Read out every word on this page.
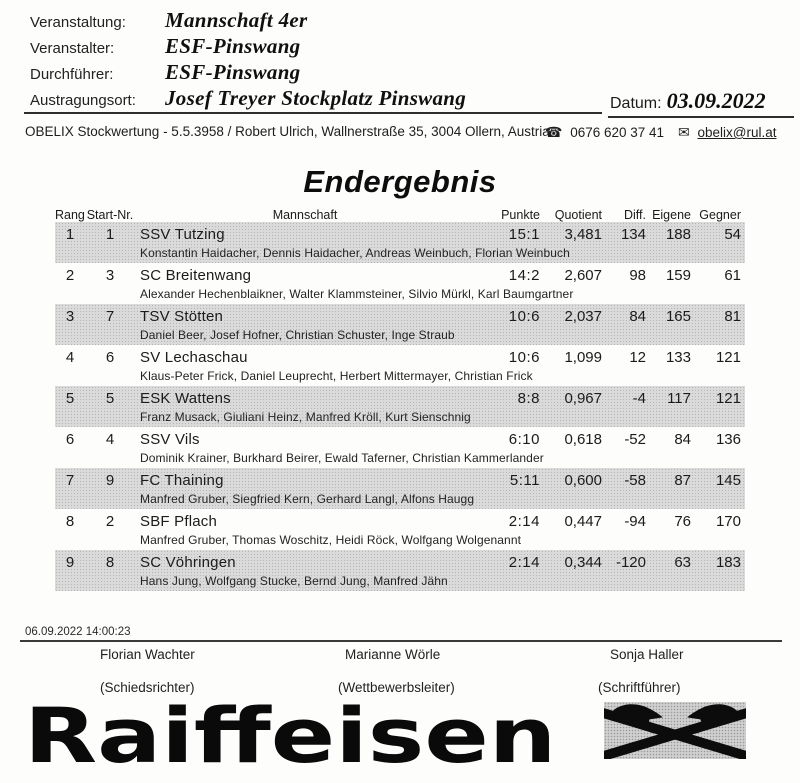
Veranstaltung:	Mannschaft 4er
Veranstalter:	ESF-Pinswang
Durchführer:	ESF-Pinswang
Austragungsort:	Josef Treyer Stockplatz Pinswang	Datum: 03.09.2022
OBELIX Stockwertung - 5.5.3958 / Robert Ulrich, Wallnerstraße 35, 3004 Ollern, Austria
☎ 0676 620 37 41 ✉ obelix@rul.at
Endergebnis
Rang Start-Nr.	Mannschaft	Punkte	Quotient	Diff. Eigene Gegner
1	1	SSV Tutzing	15:1	3,481	134	188	54
Konstantin Haidacher, Dennis Haidacher, Andreas Weinbuch, Florian Weinbuch
2	3	SC Breitenwang	14:2	2,607	98	159	61
Alexander Hechenblaikner, Walter Klammsteiner, Silvio Mürkl, Karl Baumgartner
3	7	TSV Stötten	10:6	2,037	84	165	81
Daniel Beer, Josef Hofner, Christian Schuster, Inge Straub
4	6	SV Lechaschau	10:6	1,099	12	133	121
Klaus-Peter Frick, Daniel Leuprecht, Herbert Mittermayer, Christian Frick
5	5	ESK Wattens	8:8	0,967	-4	117	121
Franz Musack, Giuliani Heinz, Manfred Kröll, Kurt Sienschnig
6	4	SSV Vils	6:10	0,618	-52	84	136
Dominik Krainer, Burkhard Beirer, Ewald Taferner, Christian Kammerlander
7	9	FC Thaining	5:11	0,600	-58	87	145
Manfred Gruber, Siegfried Kern, Gerhard Langl, Alfons Haugg
8	2	SBF Pflach	2:14	0,447	-94	76	170
Manfred Gruber, Thomas Woschitz, Heidi Röck, Wolfgang Wolgenannt
9	8	SC Vöhringen	2:14	0,344 -120	63	183
Hans Jung, Wolfgang Stucke, Bernd Jung, Manfred Jähn
06.09.2022 14:00:23
Florian Wachter	Marianne Wörle	Sonja Haller
(Schiedsrichter)	(Wettbewerbsleiter)	(Schriftführer)
Raiffeisen
